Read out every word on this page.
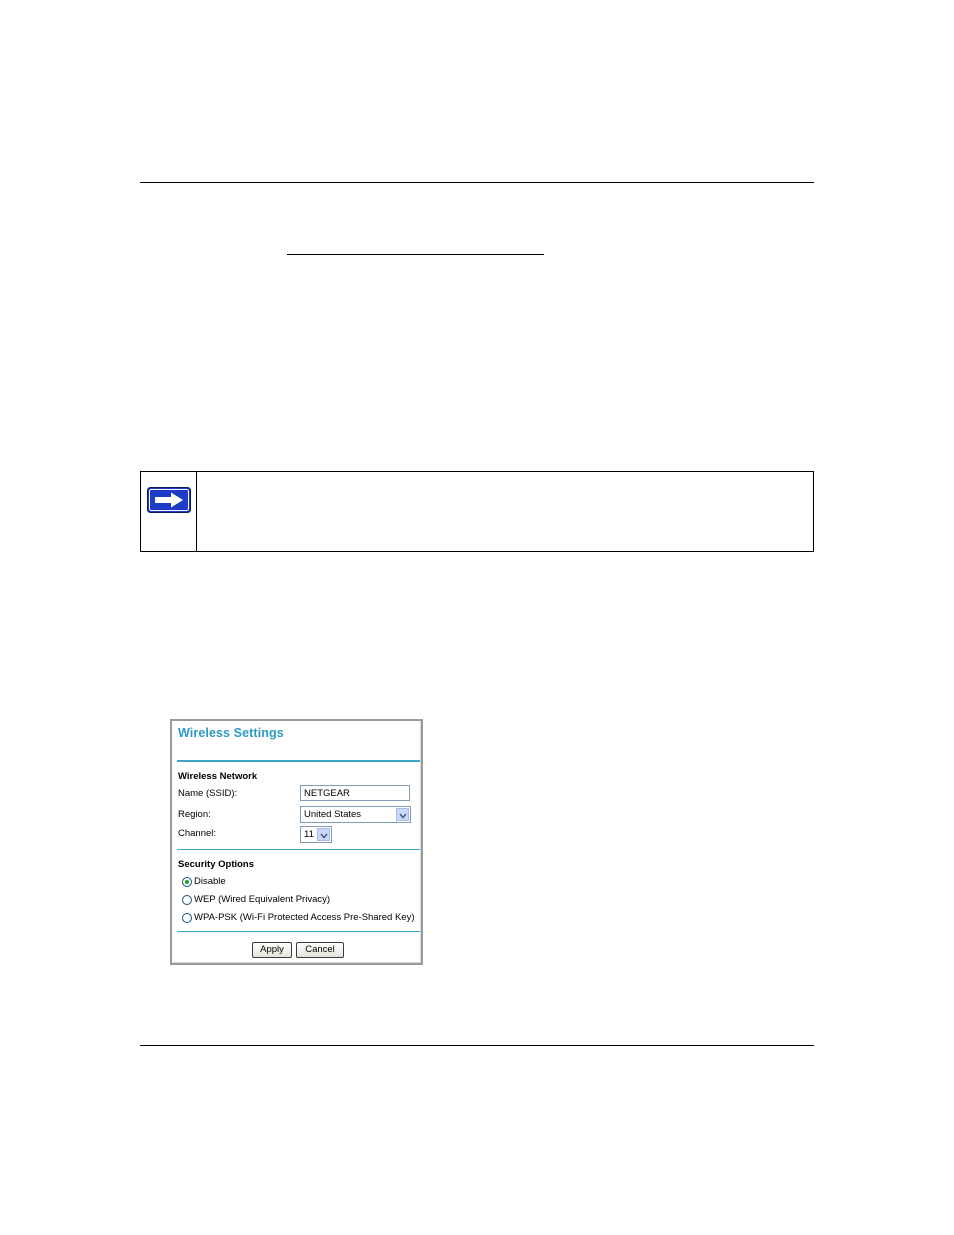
Wireless Settings
Wireless Network
Name (SSID):
NETGEAR
Region:	United States
Channel:	11
Security Options
Disable
WEP (Wired Equivalent Privacy)
WPA-PSK (Wi-Fi Protected Access Pre-Shared Key)
Apply	Cancel
